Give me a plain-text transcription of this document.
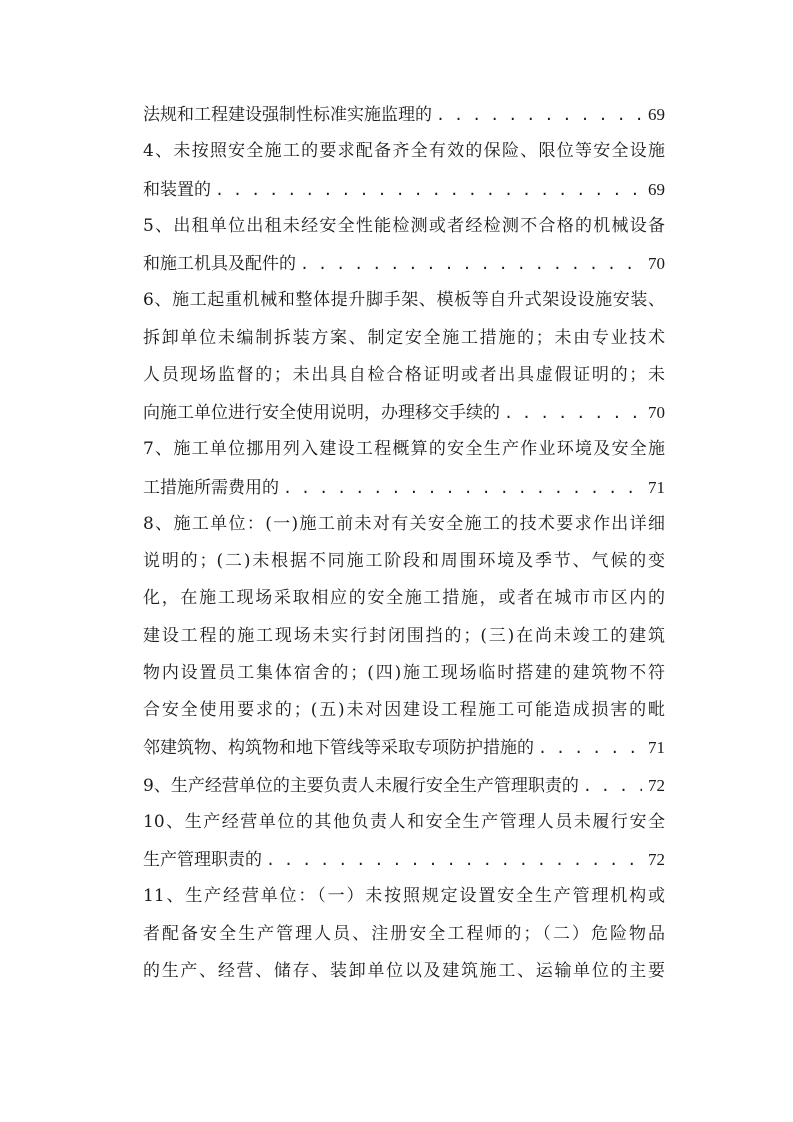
法规和工程建设强制性标准实施监理的 . . .	69
4、未按照安全施工的要求配备齐全有效的保险、限位等安全设施
和装置的 . . .	69
5、出租单位出租未经安全性能检测或者经检测不合格的机械设备
和施工机具及配件的 . . .	70
6、施工起重机械和整体提升脚手架、模板等自升式架设设施安装、
拆卸单位未编制拆装方案、制定安全施工措施的；未由专业技术
人员现场监督的；未出具自检合格证明或者出具虚假证明的；未
向施工单位进行安全使用说明，办理移交手续的 . . .	70
7、施工单位挪用列入建设工程概算的安全生产作业环境及安全施
工措施所需费用的 . . .	71
8、施工单位：(一)施工前未对有关安全施工的技术要求作出详细
说明的；(二)未根据不同施工阶段和周围环境及季节、气候的变
化，在施工现场采取相应的安全施工措施，或者在城市市区内的
建设工程的施工现场未实行封闭围挡的；(三)在尚未竣工的建筑
物内设置员工集体宿舍的；(四)施工现场临时搭建的建筑物不符
合安全使用要求的；(五)未对因建设工程施工可能造成损害的毗
邻建筑物、构筑物和地下管线等采取专项防护措施的 . . .	71
9、生产经营单位的主要负责人未履行安全生产管理职责的 . . .	72
10、生产经营单位的其他负责人和安全生产管理人员未履行安全
生产管理职责的 . . .	72
11、生产经营单位：（一）未按照规定设置安全生产管理机构或
者配备安全生产管理人员、注册安全工程师的；（二）危险物品
的生产、经营、储存、装卸单位以及建筑施工、运输单位的主要
